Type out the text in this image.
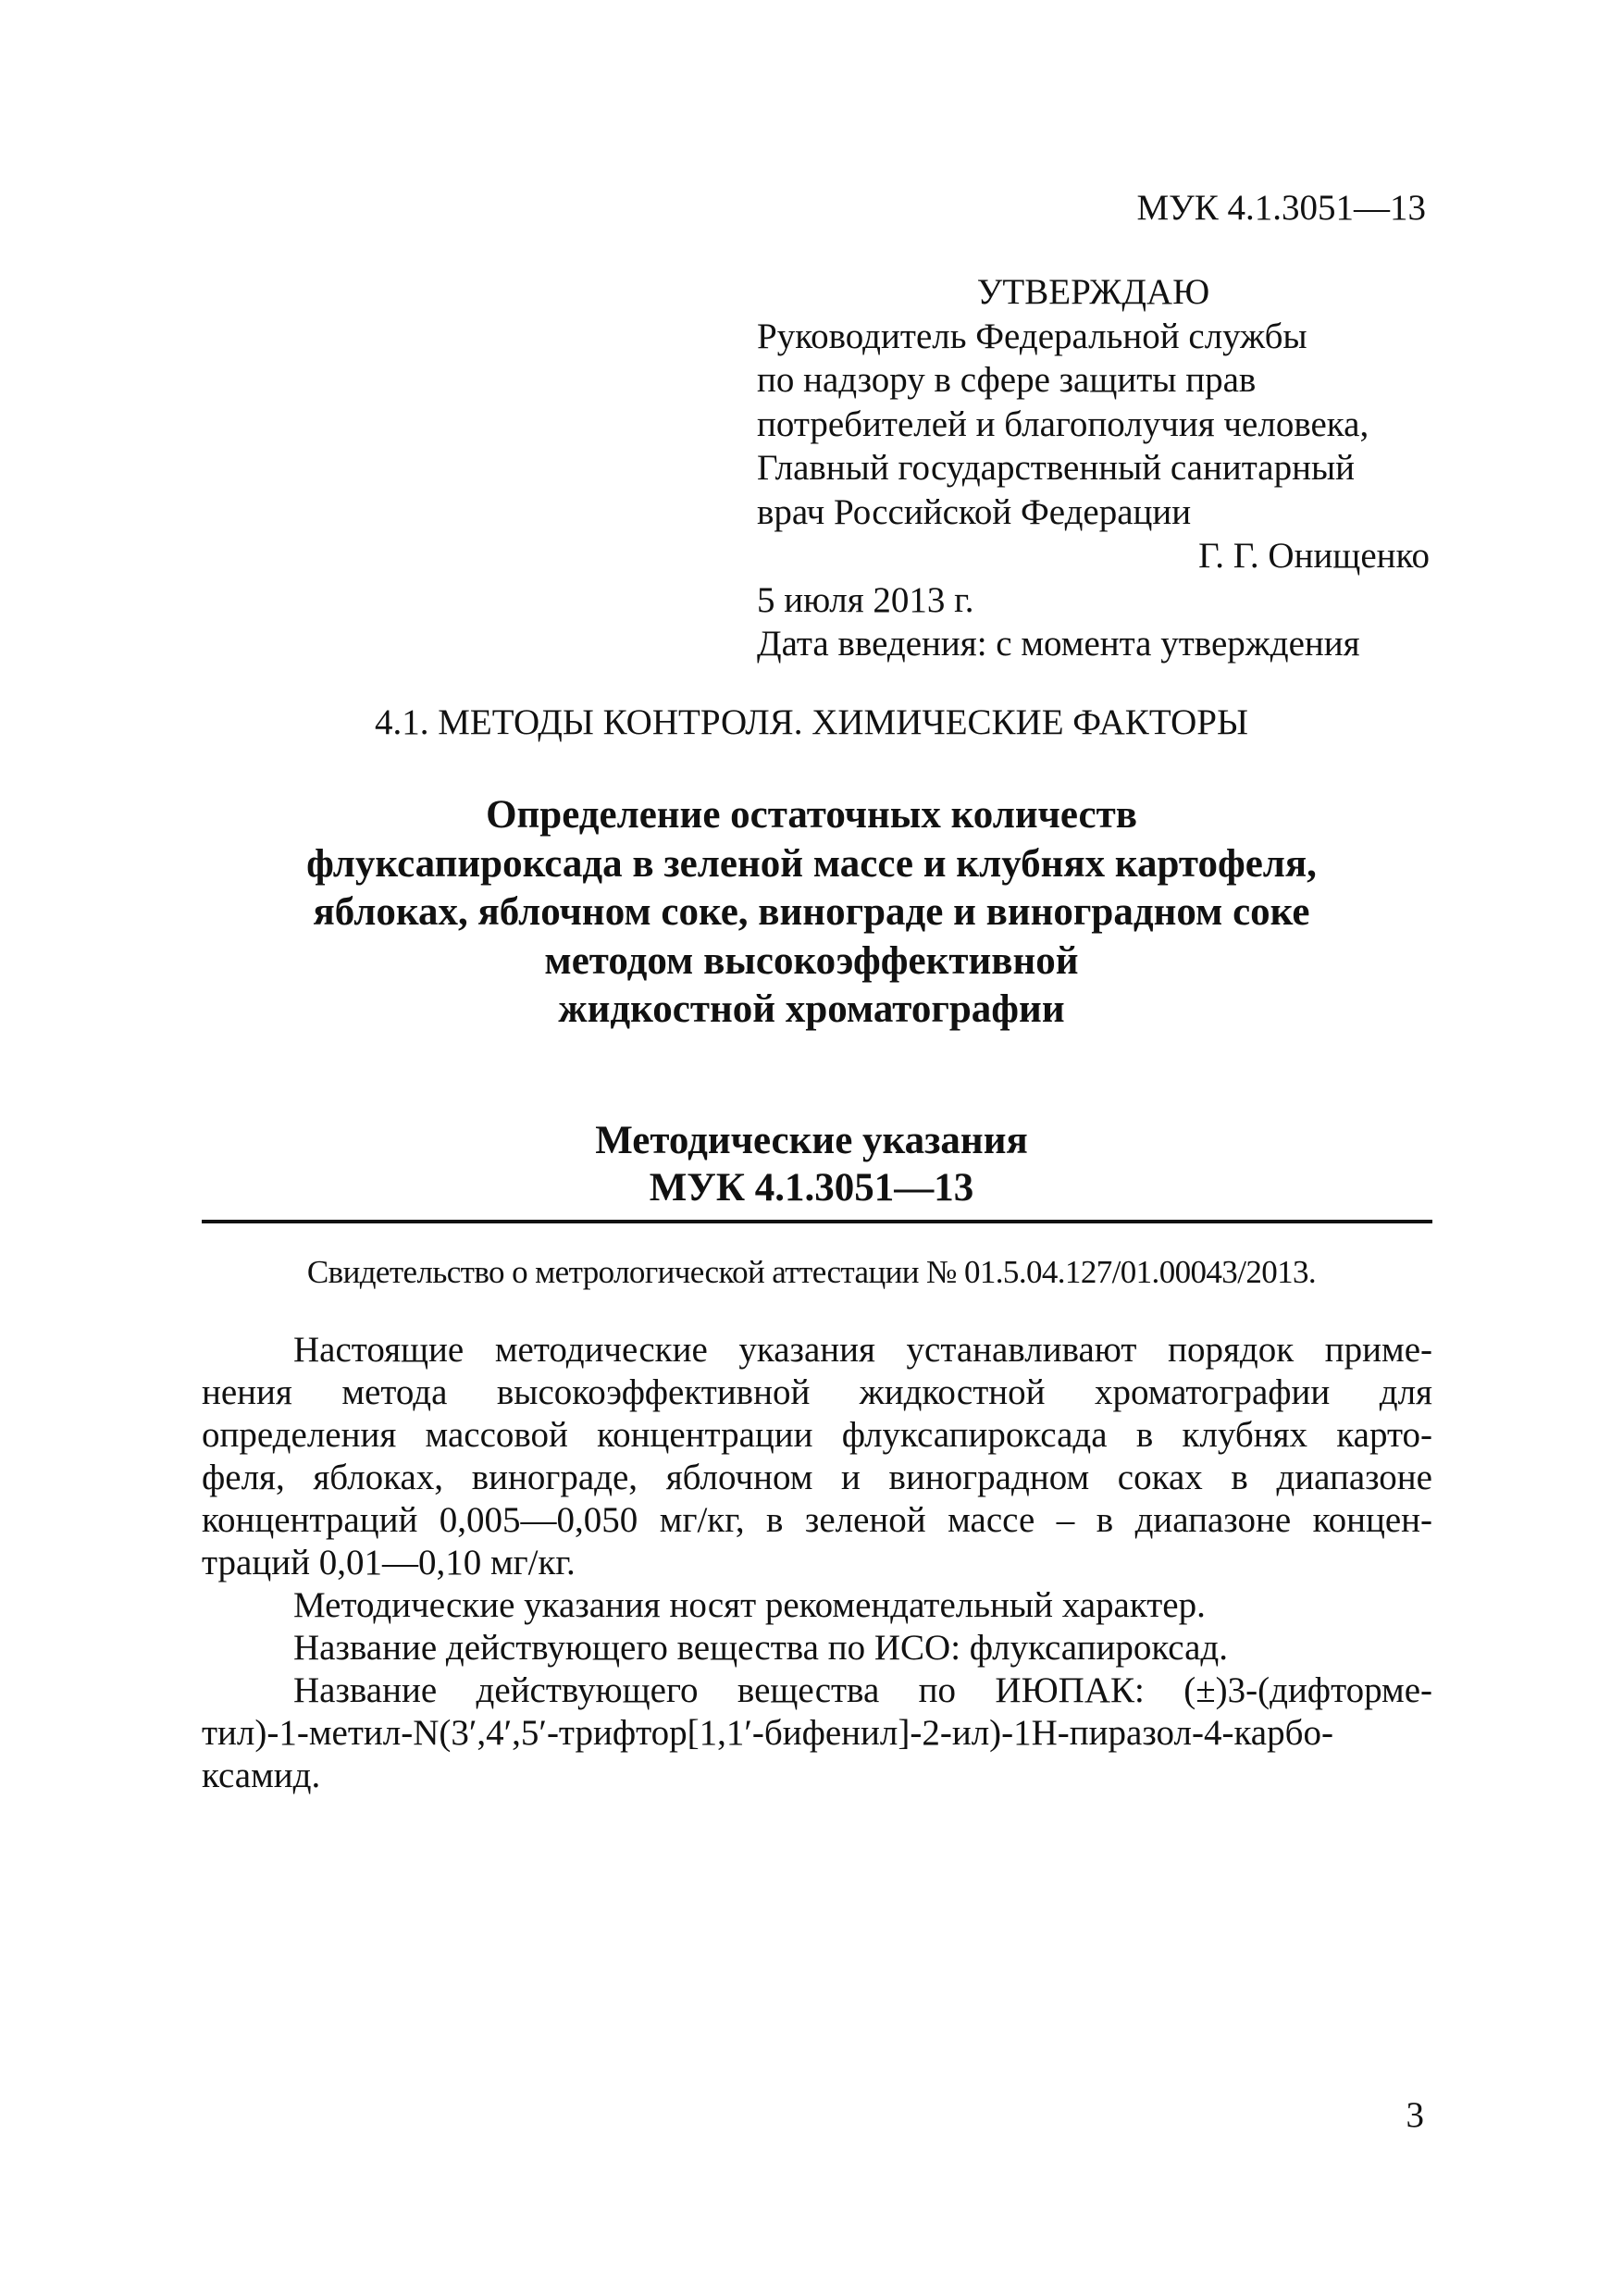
МУК 4.1.3051—13
УТВЕРЖДАЮ
Руководитель Федеральной службы
по надзору в сфере защиты прав
потребителей и благополучия человека,
Главный государственный санитарный
врач Российской Федерации
Г. Г. Онищенко
5 июля 2013 г.
Дата введения: с момента утверждения
4.1. МЕТОДЫ КОНТРОЛЯ. ХИМИЧЕСКИЕ ФАКТОРЫ
Определение остаточных количеств
флуксапироксада в зеленой массе и клубнях картофеля,
яблоках, яблочном соке, винограде и виноградном соке
методом высокоэффективной
жидкостной хроматографии
Методические указания
МУК 4.1.3051—13
Свидетельство о метрологической аттестации № 01.5.04.127/01.00043/2013.
Настоящие методические указания устанавливают порядок приме-
нения метода высокоэффективной жидкостной хроматографии для
определения массовой концентрации флуксапироксада в клубнях карто-
феля, яблоках, винограде, яблочном и виноградном соках в диапазоне
концентраций 0,005—0,050 мг/кг, в зеленой массе – в диапазоне концен-
траций 0,01—0,10 мг/кг.
Методические указания носят рекомендательный характер.
Название действующего вещества по ИСО: флуксапироксад.
Название действующего вещества по ИЮПАК: (±)3-(дифторме-
тил)-1-метил-N(3′,4′,5′-трифтор[1,1′-бифенил]-2-ил)-1Н-пиразол-4-карбо-
ксамид.
3
